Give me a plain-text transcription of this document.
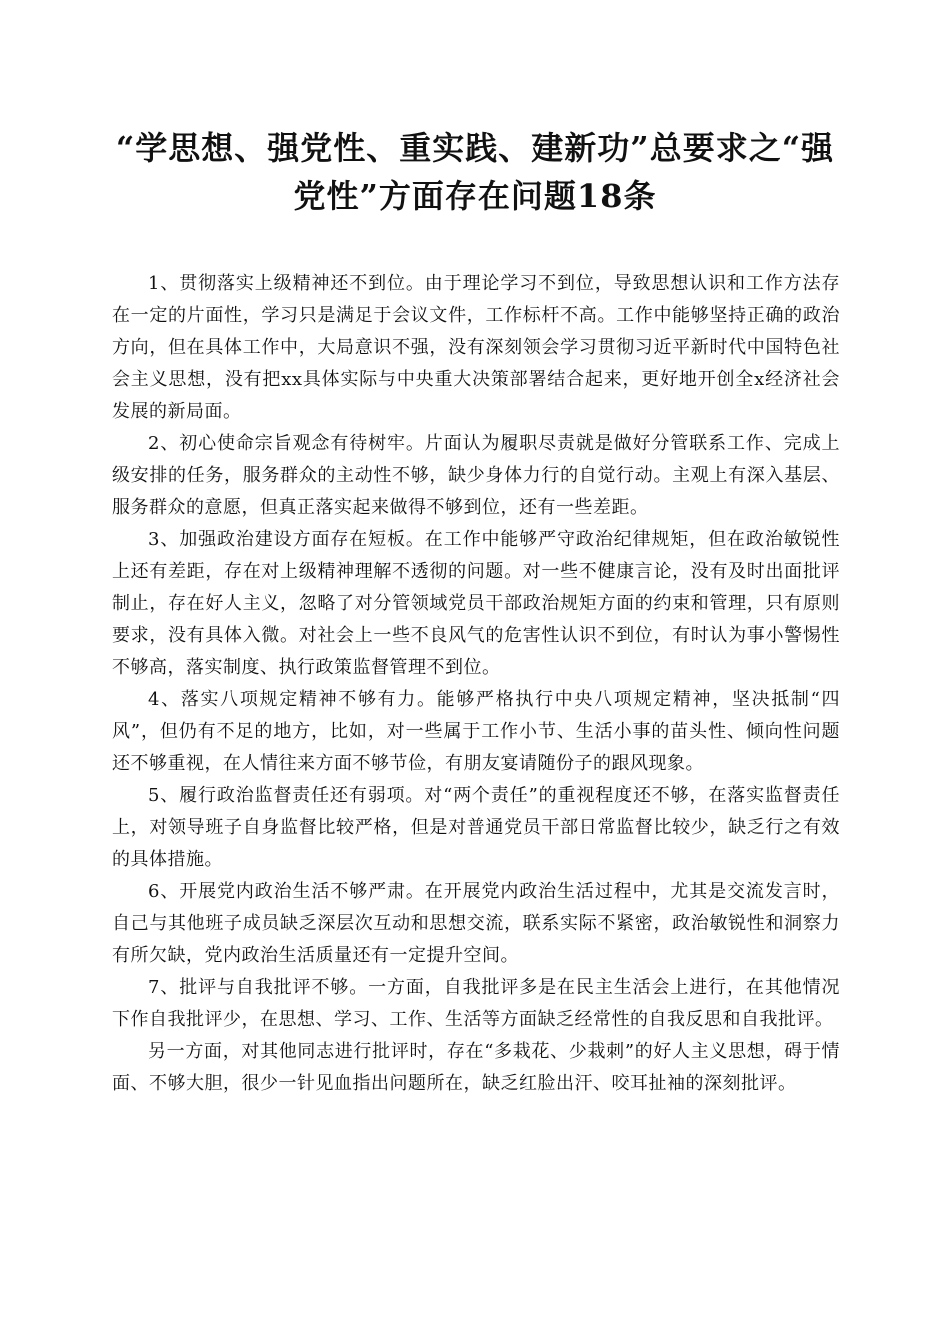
“学思想、强党性、重实践、建新功”总要求之“强党性”方面存在问题18条

1、贯彻落实上级精神还不到位。由于理论学习不到位，导致思想认识和工作方法存在一定的片面性，学习只是满足于会议文件，工作标杆不高。工作中能够坚持正确的政治方向，但在具体工作中，大局意识不强，没有深刻领会学习贯彻习近平新时代中国特色社会主义思想，没有把xx具体实际与中央重大决策部署结合起来，更好地开创全x经济社会发展的新局面。

2、初心使命宗旨观念有待树牢。片面认为履职尽责就是做好分管联系工作、完成上级安排的任务，服务群众的主动性不够，缺少身体力行的自觉行动。主观上有深入基层、服务群众的意愿，但真正落实起来做得不够到位，还有一些差距。

3、加强政治建设方面存在短板。在工作中能够严守政治纪律规矩，但在政治敏锐性上还有差距，存在对上级精神理解不透彻的问题。对一些不健康言论，没有及时出面批评制止，存在好人主义，忽略了对分管领域党员干部政治规矩方面的约束和管理，只有原则要求，没有具体入微。对社会上一些不良风气的危害性认识不到位，有时认为事小警惕性不够高，落实制度、执行政策监督管理不到位。

4、落实八项规定精神不够有力。能够严格执行中央八项规定精神，坚决抵制“四风”，但仍有不足的地方，比如，对一些属于工作小节、生活小事的苗头性、倾向性问题还不够重视，在人情往来方面不够节俭，有朋友宴请随份子的跟风现象。

5、履行政治监督责任还有弱项。对“两个责任”的重视程度还不够，在落实监督责任上，对领导班子自身监督比较严格，但是对普通党员干部日常监督比较少，缺乏行之有效的具体措施。

6、开展党内政治生活不够严肃。在开展党内政治生活过程中，尤其是交流发言时，自己与其他班子成员缺乏深层次互动和思想交流，联系实际不紧密，政治敏锐性和洞察力有所欠缺，党内政治生活质量还有一定提升空间。

7、批评与自我批评不够。一方面，自我批评多是在民主生活会上进行，在其他情况下作自我批评少，在思想、学习、工作、生活等方面缺乏经常性的自我反思和自我批评。

另一方面，对其他同志进行批评时，存在“多栽花、少栽刺”的好人主义思想，碍于情面、不够大胆，很少一针见血指出问题所在，缺乏红脸出汗、咬耳扯袖的深刻批评。
